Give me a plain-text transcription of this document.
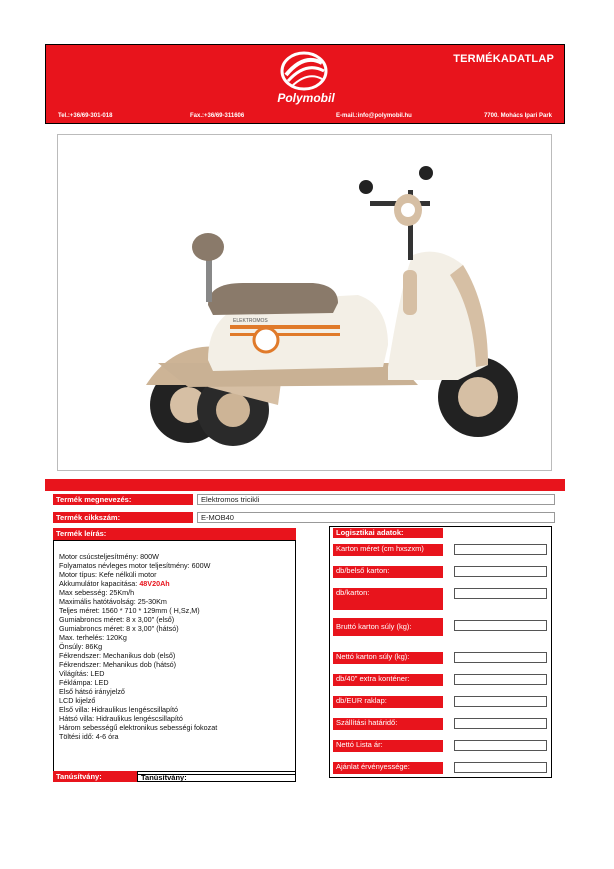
TERMÉKADATLAP
Polymobil
Tel.:+36/69-301-018	Fax.:+36/69-311606	E-mail.:info@polymobil.hu	7700. Mohács Ipari Park
ELEKTROMOS
Termék megnevezés:	Elektromos tricikli
Termék cikkszám:	E-MOB40
Termék leírás:
Motor csúcsteljesítmény: 800W
Folyamatos névleges motor teljesítmény: 600W
Motor típus: Kefe nélküli motor
Akkumulátor kapacitása: 48V20Ah
Max sebesség: 25Km/h
Maximális hatótávolság: 25-30Km
Teljes méret: 1560 * 710 * 129mm ( H,Sz,M)
Gumiabroncs méret: 8 x 3,00" (első)
Gumiabroncs méret: 8 x 3,00" (hátsó)
Max. terhelés: 120Kg
Önsúly: 86Kg
Fékrendszer: Mechanikus dob (első)
Fékrendszer: Mehanikus dob (hátsó)
Világítás: LED
Féklámpa: LED
Első hátsó irányjelző
LCD kijelző
Első villa: Hidraulikus lengéscsillapító
Hátsó villa: Hidraulikus lengéscsillapító
Három sebességű elektronikus sebességi fokozat
Töltési idő: 4-6 óra
Tanúsítvány:	Tanúsítvány:
Logisztikai adatok:
Karton méret (cm hxszxm)
db/belső karton:
db/karton:
Bruttó karton súly (kg):
Nettó karton súly (kg):
db/40" extra konténer:
db/EUR raklap:
Szállítási határidő:
Nettó Lista ár:
Ajánlat érvényessége:
